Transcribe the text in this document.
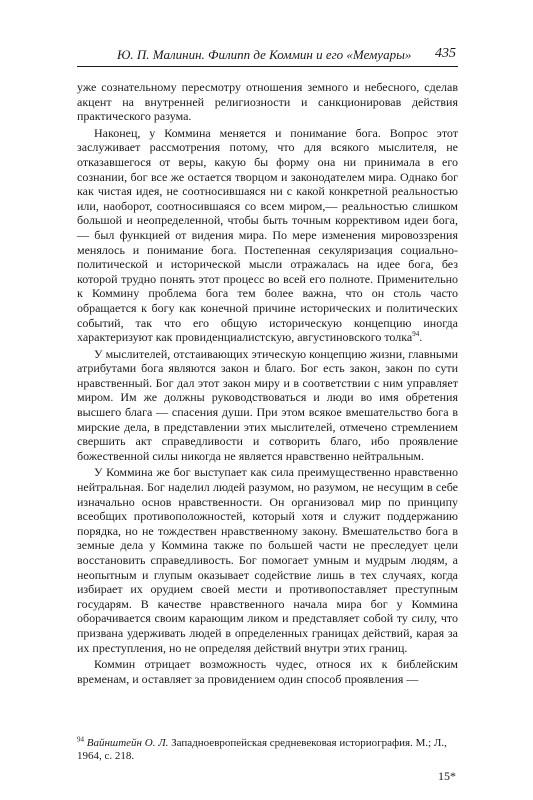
Ю. П. Малинин. Филипп де Коммин и его «Мемуары» 435

уже сознательному пересмотру отношения земного и небесного, сделав акцент на внутренней религиозности и санкционировав действия практического разума.

Наконец, у Коммина меняется и понимание бога. Вопрос этот заслуживает рассмотрения потому, что для всякого мыслителя, не отказавшегося от веры, какую бы форму она ни принимала в его сознании, бог все же остается творцом и законодателем мира. Однако бог как чистая идея, не соотносившаяся ни с какой конкретной реальностью или, наоборот, соотносившаяся со всем миром,— реальностью слишком большой и неопределенной, чтобы быть точным коррективом идеи бога,— был функцией от видения мира. По мере изменения мировоззрения менялось и понимание бога. Постепенная секуляризация социально-политической и исторической мысли отражалась на идее бога, без которой трудно понять этот процесс во всей его полноте. Применительно к Коммину проблема бога тем более важна, что он столь часто обращается к богу как конечной причине исторических и политических событий, так что его общую историческую концепцию иногда характеризуют как провиденциалистскую, августиновского толка$^{94}$.

У мыслителей, отстаивающих этическую концепцию жизни, главными атрибутами бога являются закон и благо. Бог есть закон, закон по сути нравственный. Бог дал этот закон миру и в соответствии с ним управляет миром. Им же должны руководствоваться и люди во имя обретения высшего блага — спасения души. При этом всякое вмешательство бога в мирские дела, в представлении этих мыслителей, отмечено стремлением свершить акт справедливости и сотворить благо, ибо проявление божественной силы никогда не является нравственно нейтральным.

У Коммина же бог выступает как сила преимущественно нравственно нейтральная. Бог наделил людей разумом, но разумом, не несущим в себе изначально основ нравственности. Он организовал мир по принципу всеобщих противоположностей, который хотя и служит поддержанию порядка, но не тождествен нравственному закону. Вмешательство бога в земные дела у Коммина также по большей части не преследует цели восстановить справедливость. Бог помогает умным и мудрым людям, а неопытным и глупым оказывает содействие лишь в тех случаях, когда избирает их орудием своей мести и противопоставляет преступным государям. В качестве нравственного начала мира бог у Коммина оборачивается своим карающим ликом и представляет собой ту силу, что призвана удерживать людей в определенных границах действий, карая за их преступления, но не определяя действий внутри этих границ.

Коммин отрицает возможность чудес, относя их к библейским временам, и оставляет за провидением один способ проявления —

$^{94}$ Вайнштейн О. Л. Западноевропейская средневековая историография. М.; Л., 1964, с. 218.
15*
